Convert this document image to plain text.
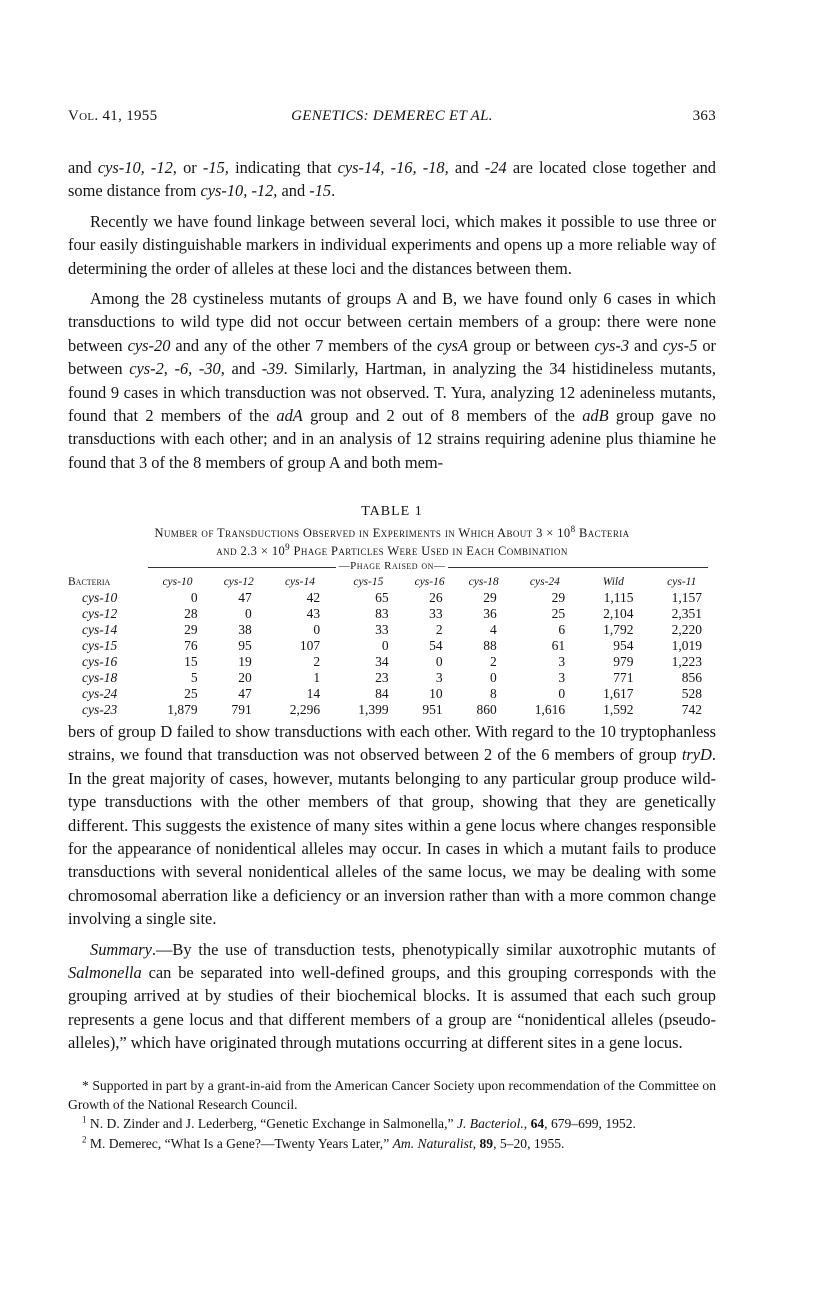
Vol. 41, 1955	GENETICS: DEMEREC ET AL.	363

and cys-10, -12, or -15, indicating that cys-14, -16, -18, and -24 are located close together and some distance from cys-10, -12, and -15.

Recently we have found linkage between several loci, which makes it possible to use three or four easily distinguishable markers in individual experiments and opens up a more reliable way of determining the order of alleles at these loci and the distances between them.

Among the 28 cystineless mutants of groups A and B, we have found only 6 cases in which transductions to wild type did not occur between certain members of a group: there were none between cys-20 and any of the other 7 members of the cysA group or between cys-3 and cys-5 or between cys-2, -6, -30, and -39. Similarly, Hartman, in analyzing the 34 histidineless mutants, found 9 cases in which transduction was not observed. T. Yura, analyzing 12 adenineless mutants, found that 2 members of the adA group and 2 out of 8 members of the adB group gave no transductions with each other; and in an analysis of 12 strains requiring adenine plus thiamine he found that 3 of the 8 members of group A and both mem-

TABLE 1
Number of Transductions Observed in Experiments in Which About $3 \times 10^8$ Bacteria
and $2.3 \times 10^9$ Phage Particles Were Used in Each Combination
—Phage Raised on—
Bacteria	cys-10	cys-12	cys-14	cys-15	cys-16	cys-18	cys-24	Wild	cys-11
cys-10	0	47	42	65	26	29	29	1,115	1,157
cys-12	28	0	43	83	33	36	25	2,104	2,351
cys-14	29	38	0	33	2	4	6	1,792	2,220
cys-15	76	95	107	0	54	88	61	954	1,019
cys-16	15	19	2	34	0	2	3	979	1,223
cys-18	5	20	1	23	3	0	3	771	856
cys-24	25	47	14	84	10	8	0	1,617	528
cys-23	1,879	791	2,296	1,399	951	860	1,616	1,592	742

bers of group D failed to show transductions with each other. With regard to the 10 tryptophanless strains, we found that transduction was not observed between 2 of the 6 members of group tryD. In the great majority of cases, however, mutants belonging to any particular group produce wild-type transductions with the other members of that group, showing that they are genetically different. This suggests the existence of many sites within a gene locus where changes responsible for the appearance of nonidentical alleles may occur. In cases in which a mutant fails to produce transductions with several nonidentical alleles of the same locus, we may be dealing with some chromosomal aberration like a deficiency or an inversion rather than with a more common change involving a single site.

Summary.—By the use of transduction tests, phenotypically similar auxotrophic mutants of Salmonella can be separated into well-defined groups, and this grouping corresponds with the grouping arrived at by studies of their biochemical blocks. It is assumed that each such group represents a gene locus and that different members of a group are “nonidentical alleles (pseudo-alleles),” which have originated through mutations occurring at different sites in a gene locus.

* Supported in part by a grant-in-aid from the American Cancer Society upon recommendation of the Committee on Growth of the National Research Council.

$^1$ N. D. Zinder and J. Lederberg, “Genetic Exchange in Salmonella,” J. Bacteriol., 64, 679–699, 1952.

$^2$ M. Demerec, “What Is a Gene?—Twenty Years Later,” Am. Naturalist, 89, 5–20, 1955.
